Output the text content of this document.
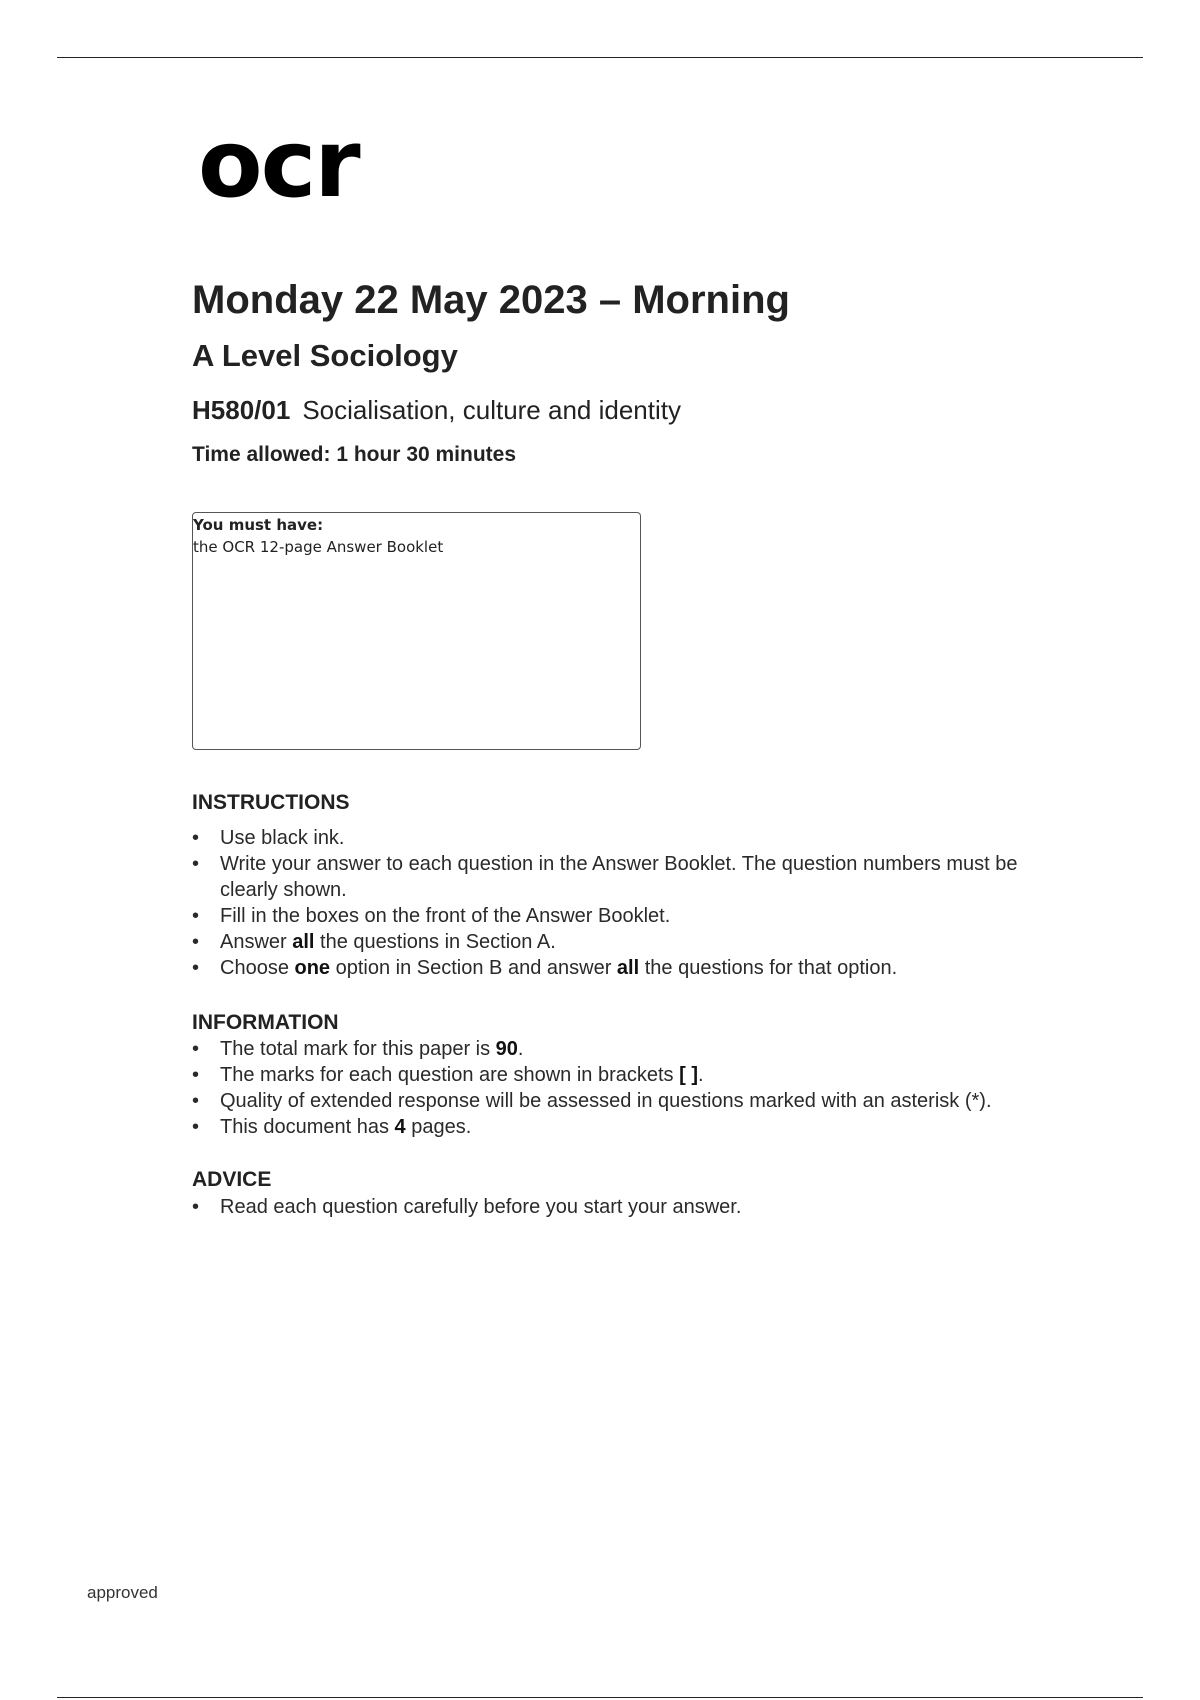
ocr
Monday 22 May 2023 – Morning
A Level Sociology
H580/01 Socialisation, culture and identity
Time allowed: 1 hour 30 minutes
You must have:
the OCR 12-page Answer Booklet
INSTRUCTIONS
• Use black ink.
• Write your answer to each question in the Answer Booklet. The question numbers must be clearly shown.
• Fill in the boxes on the front of the Answer Booklet.
• Answer all the questions in Section A.
• Choose one option in Section B and answer all the questions for that option.
INFORMATION
• The total mark for this paper is 90.
• The marks for each question are shown in brackets [ ].
• Quality of extended response will be assessed in questions marked with an asterisk (*).
• This document has 4 pages.
ADVICE
• Read each question carefully before you start your answer.
approved
